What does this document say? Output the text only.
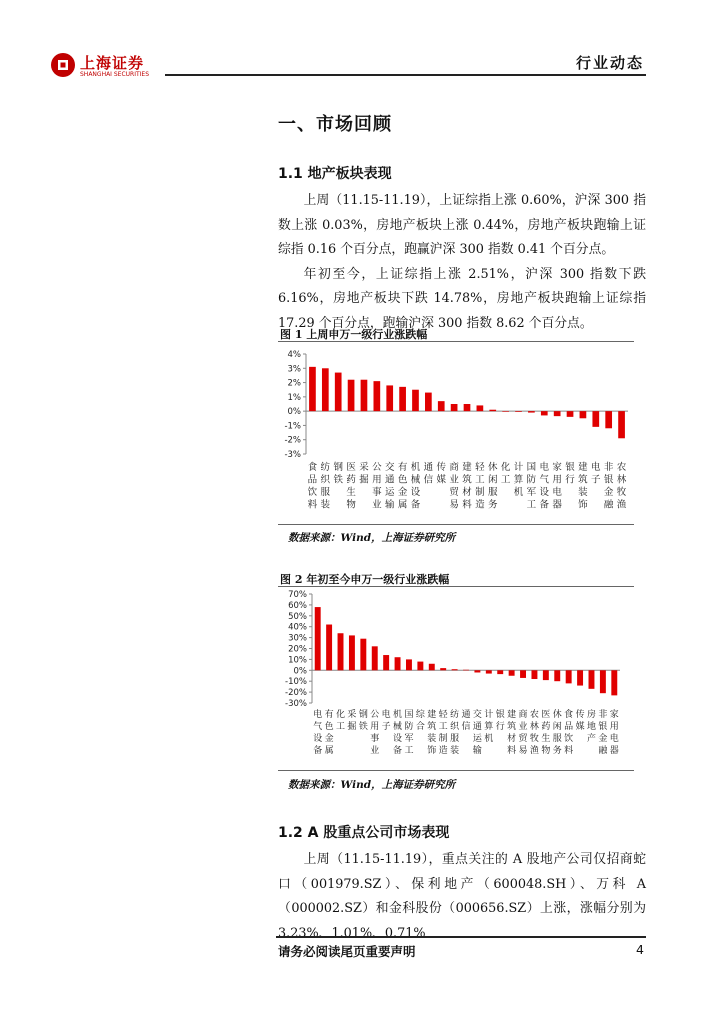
上海证券
SHANGHAI SECURITIES
行业动态
一、市场回顾
1.1 地产板块表现

上周（11.15-11.19），上证综指上涨 0.60%，沪深 300 指数上涨 0.03%，房地产板块上涨 0.44%，房地产板块跑输上证综指 0.16 个百分点，跑赢沪深 300 指数 0.41 个百分点。

年初至今，上证综指上涨 2.51%，沪深 300 指数下跌 6.16%，房地产板块下跌 14.78%，房地产板块跑输上证综指 17.29 个百分点，跑输沪深 300 指数 8.62 个百分点。

图 1 上周申万一级行业涨跌幅
4%
3%
2%
1%
0%
-1%
-2%
-3%
食
品
饮
料
纺
织
服
装
钢
铁
医
药
生
物
采
掘
公
用
事
业
交
通
运
输
有
色
金
属
机
械
设
备
通
信
传
媒
商
业
贸
易
建
筑
材
料
轻
工
制
造
休
闲
服
务
化
工
计
算
机
国
防
军
工
电
气
设
备
家
用
电
器
银
行
建
筑
装
饰
电
子
非
银
金
融
农
林
牧
渔
数据来源：Wind，上海证券研究所
图 2 年初至今申万一级行业涨跌幅
70%
60%
50%
40%
30%
20%
10%
0%
-10%
-20%
-30%
电
气
设
备
有
色
金
属
化
工
采
掘
钢
铁
公
用
事
业
电
子
机
械
设
备
国
防
军
工
综
合
建
筑
装
饰
轻
工
制
造
纺
织
服
装
通
信
交
通
运
输
计
算
机
银
行
建
筑
材
料
商
业
贸
易
农
林
牧
渔
医
药
生
物
休
闲
服
务
食
品
饮
料
传
媒
房
地
产
非
银
金
融
家
用
电
器
数据来源：Wind，上海证券研究所
1.2 A 股重点公司市场表现

上周（11.15-11.19），重点关注的 A 股地产公司仅招商蛇口（001979.SZ）、保利地产（600048.SH）、万科 A（000002.SZ）和金科股份（000656.SZ）上涨，涨幅分别为 3.23%、1.01%、0.71%

请务必阅读尾页重要声明	4
